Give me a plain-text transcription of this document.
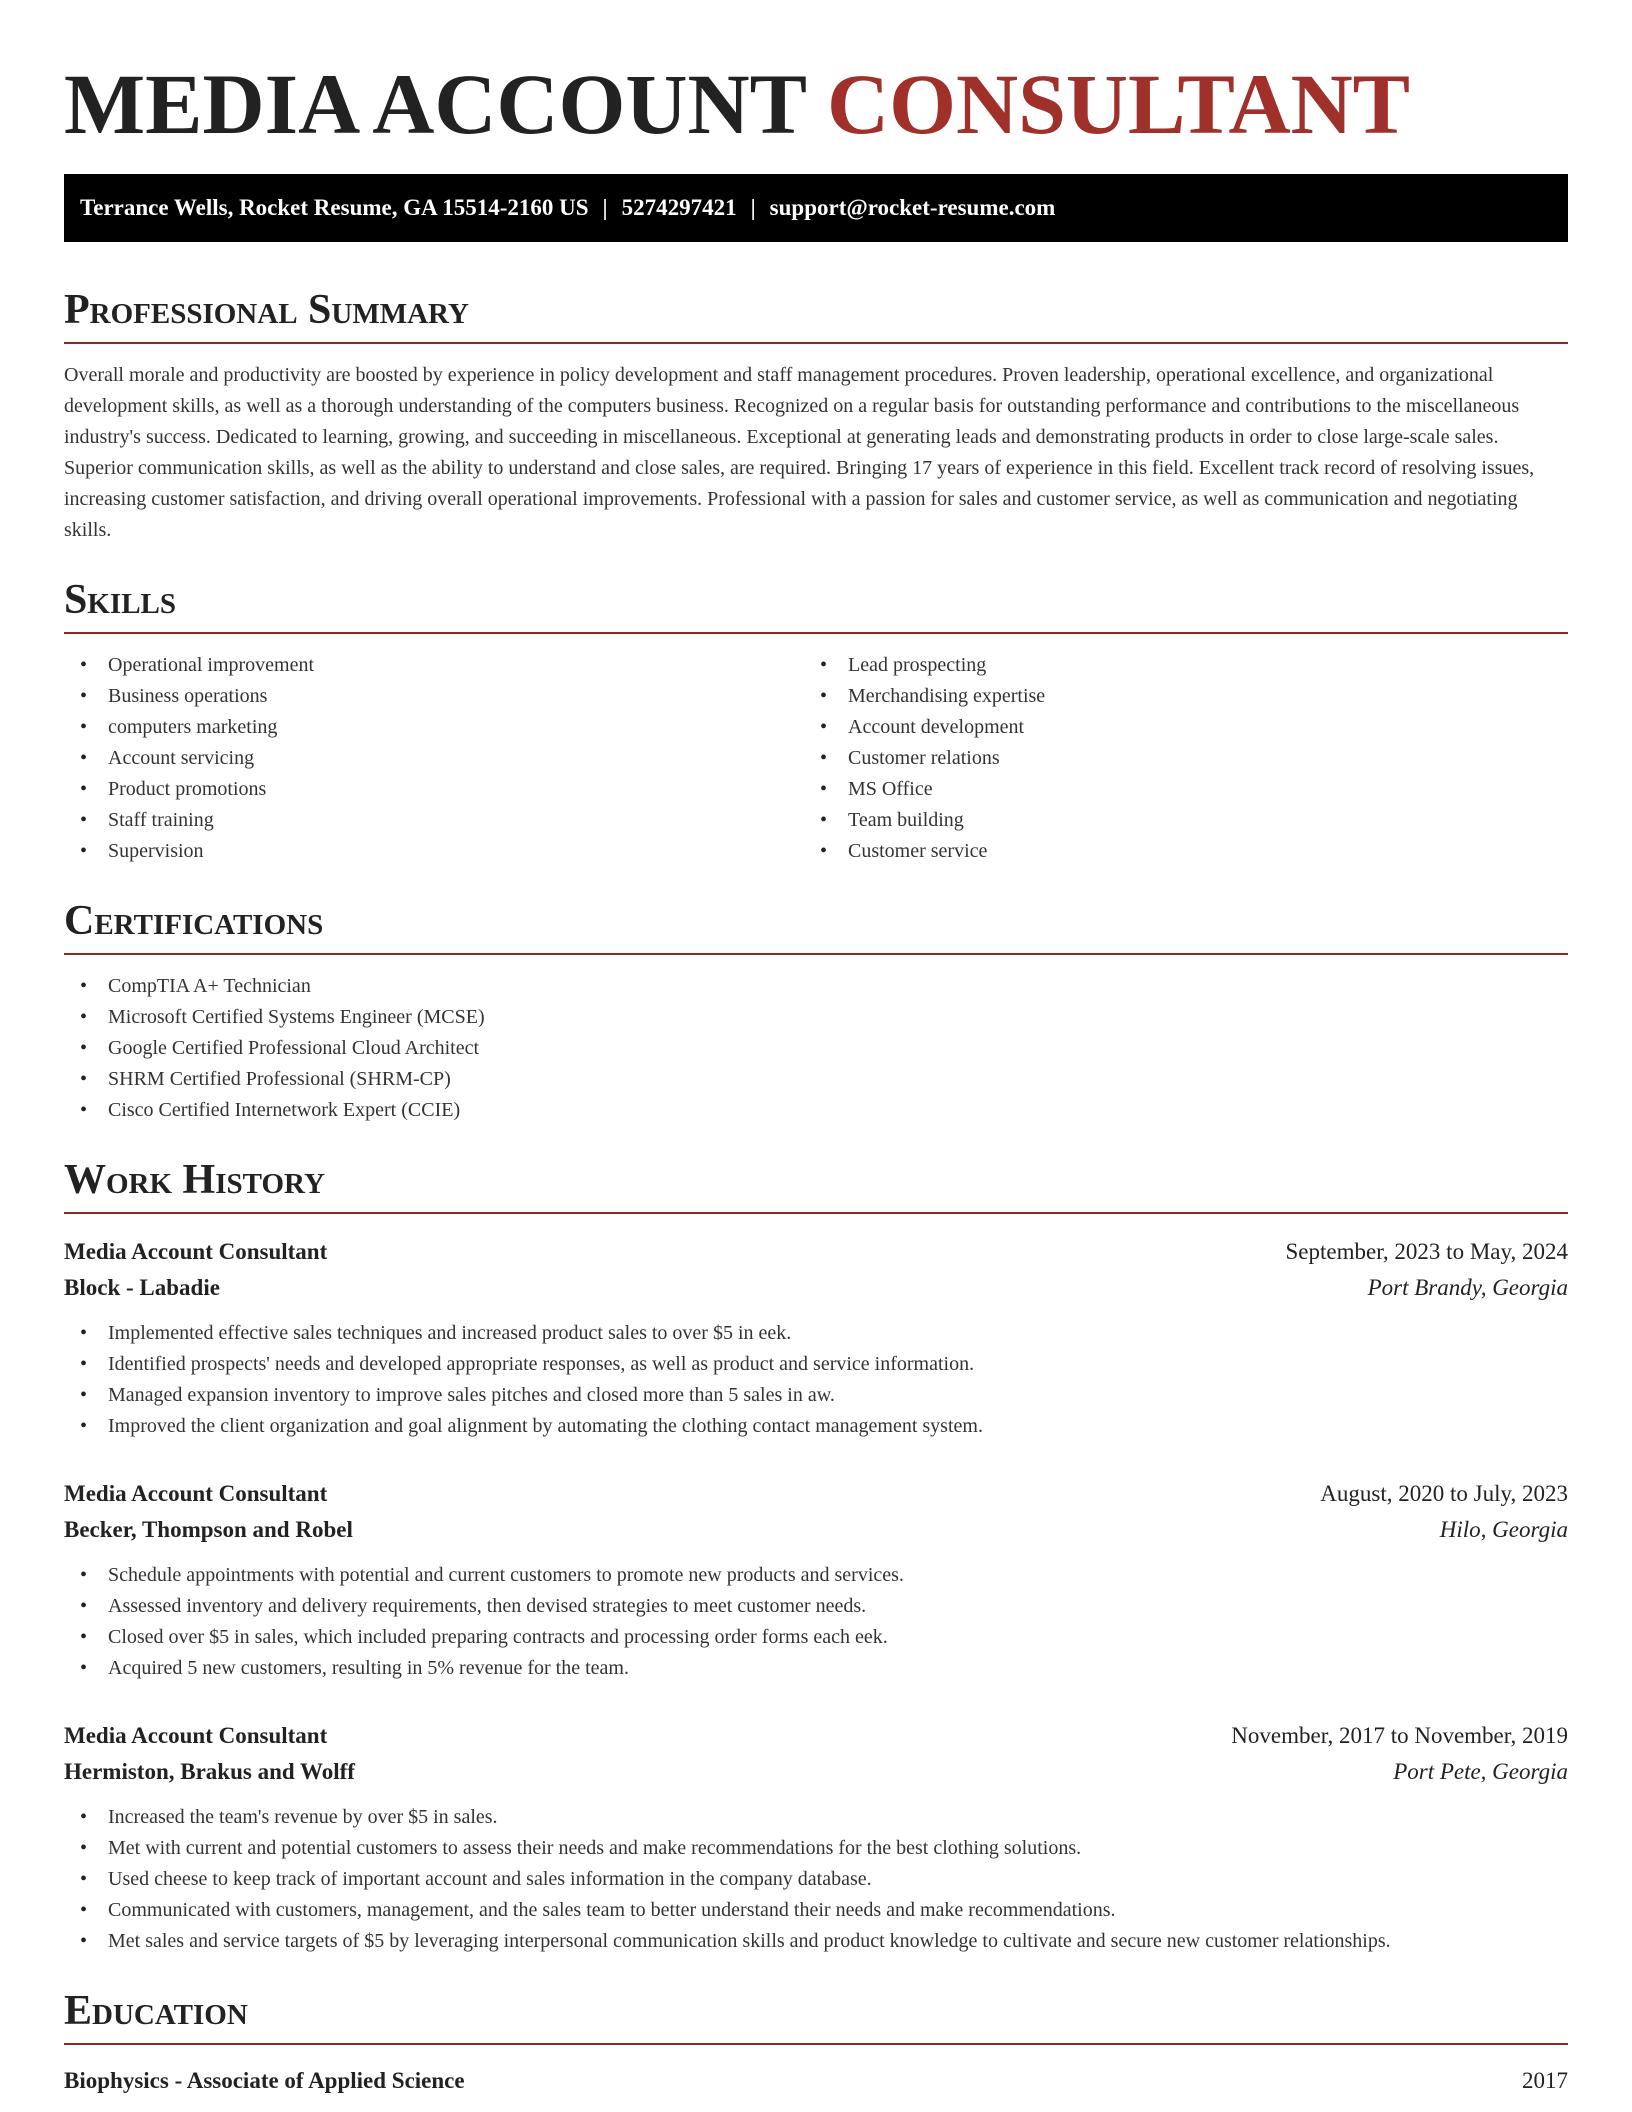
MEDIA ACCOUNT CONSULTANT
Terrance Wells, Rocket Resume, GA 15514-2160 US | 5274297421 | support@rocket-resume.com
Professional Summary

Overall morale and productivity are boosted by experience in policy development and staff management procedures. Proven leadership, operational excellence, and organizational development skills, as well as a thorough understanding of the computers business. Recognized on a regular basis for outstanding performance and contributions to the miscellaneous industry's success. Dedicated to learning, growing, and succeeding in miscellaneous. Exceptional at generating leads and demonstrating products in order to close large-scale sales. Superior communication skills, as well as the ability to understand and close sales, are required. Bringing 17 years of experience in this field. Excellent track record of resolving issues, increasing customer satisfaction, and driving overall operational improvements. Professional with a passion for sales and customer service, as well as communication and negotiating skills.

Skills
• Operational improvement
• Business operations
• computers marketing
• Account servicing
• Product promotions
• Staff training
• Supervision
• Lead prospecting
• Merchandising expertise
• Account development
• Customer relations
• MS Office
• Team building
• Customer service
Certifications
• CompTIA A+ Technician
• Microsoft Certified Systems Engineer (MCSE)
• Google Certified Professional Cloud Architect
• SHRM Certified Professional (SHRM-CP)
• Cisco Certified Internetwork Expert (CCIE)
Work History
Media Account Consultant	September, 2023 to May, 2024
Block - Labadie	Port Brandy, Georgia
• Implemented effective sales techniques and increased product sales to over $5 in eek.
• Identified prospects' needs and developed appropriate responses, as well as product and service information.
• Managed expansion inventory to improve sales pitches and closed more than 5 sales in aw.
• Improved the client organization and goal alignment by automating the clothing contact management system.
Media Account Consultant	August, 2020 to July, 2023
Becker, Thompson and Robel	Hilo, Georgia
• Schedule appointments with potential and current customers to promote new products and services.
• Assessed inventory and delivery requirements, then devised strategies to meet customer needs.
• Closed over $5 in sales, which included preparing contracts and processing order forms each eek.
• Acquired 5 new customers, resulting in 5% revenue for the team.
Media Account Consultant	November, 2017 to November, 2019
Hermiston, Brakus and Wolff	Port Pete, Georgia
• Increased the team's revenue by over $5 in sales.
• Met with current and potential customers to assess their needs and make recommendations for the best clothing solutions.
• Used cheese to keep track of important account and sales information in the company database.
• Communicated with customers, management, and the sales team to better understand their needs and make recommendations.
• Met sales and service targets of $5 by leveraging interpersonal communication skills and product knowledge to cultivate and secure new customer relationships.
Education
Biophysics - Associate of Applied Science	2017
